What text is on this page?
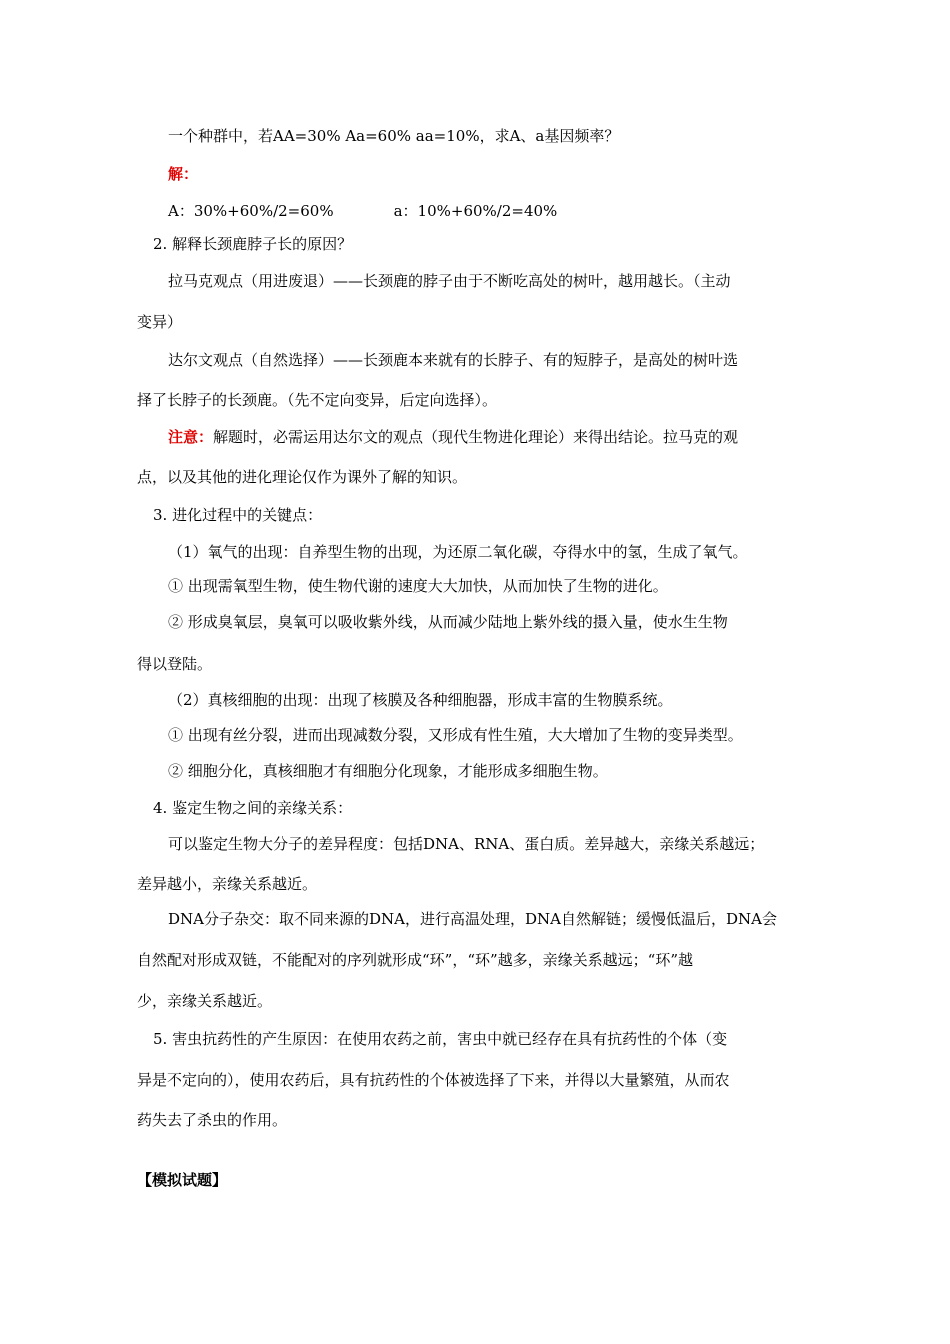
一个种群中，若AA=30% Aa=60% aa=10%，求A、a基因频率？
解：
A：30%+60%/2=60%	a：10%+60%/2=40%
2. 解释长颈鹿脖子长的原因？
拉马克观点（用进废退）——长颈鹿的脖子由于不断吃高处的树叶，越用越长。（主动
变异）
达尔文观点（自然选择）——长颈鹿本来就有的长脖子、有的短脖子，是高处的树叶选
择了长脖子的长颈鹿。（先不定向变异，后定向选择）。
注意：解题时，必需运用达尔文的观点（现代生物进化理论）来得出结论。拉马克的观
点，以及其他的进化理论仅作为课外了解的知识。
3. 进化过程中的关键点：
（1）氧气的出现：自养型生物的出现，为还原二氧化碳，夺得水中的氢，生成了氧气。
① 出现需氧型生物，使生物代谢的速度大大加快，从而加快了生物的进化。
② 形成臭氧层，臭氧可以吸收紫外线，从而减少陆地上紫外线的摄入量，使水生生物
得以登陆。
（2）真核细胞的出现：出现了核膜及各种细胞器，形成丰富的生物膜系统。
① 出现有丝分裂，进而出现减数分裂，又形成有性生殖，大大增加了生物的变异类型。
② 细胞分化，真核细胞才有细胞分化现象，才能形成多细胞生物。
4. 鉴定生物之间的亲缘关系：
可以鉴定生物大分子的差异程度：包括DNA、RNA、蛋白质。差异越大，亲缘关系越远；
差异越小，亲缘关系越近。
DNA分子杂交：取不同来源的DNA，进行高温处理，DNA自然解链；缓慢低温后，DNA会
自然配对形成双链，不能配对的序列就形成“环”，“环”越多，亲缘关系越远；“环”越
少，亲缘关系越近。
5. 害虫抗药性的产生原因：在使用农药之前，害虫中就已经存在具有抗药性的个体（变
异是不定向的），使用农药后，具有抗药性的个体被选择了下来，并得以大量繁殖，从而农
药失去了杀虫的作用。
【模拟试题】
